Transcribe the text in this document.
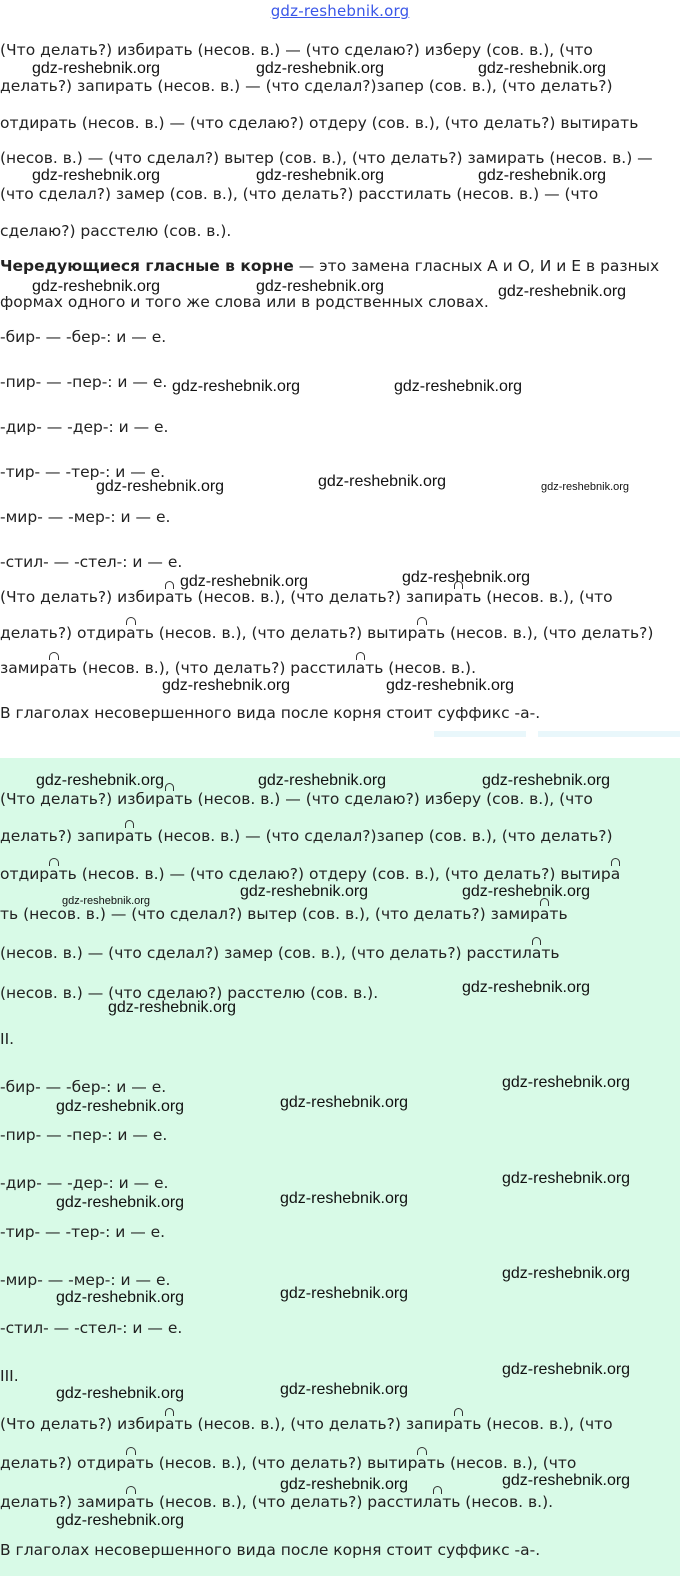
gdz-reshebnik.org
(Что делать?) избирать (несов. в.) — (что сделаю?) изберу (сов. в.), (что
делать?) запирать (несов. в.) — (что сделал?)запер (сов. в.), (что делать?)
отдирать (несов. в.) — (что сделаю?) отдеру (сов. в.), (что делать?) вытирать
(несов. в.) — (что сделал?) вытер (сов. в.), (что делать?) замирать (несов. в.) —
(что сделал?) замер (сов. в.), (что делать?) расстилать (несов. в.) — (что
сделаю?) расстелю (сов. в.).
Чередующиеся гласные в корне — это замена гласных А и О, И и Е в разных
формах одного и того же слова или в родственных словах.
-бир- — -бер-: и — е.
-пир- — -пер-: и — е.
-дир- — -дер-: и — е.
-тир- — -тер-: и — е.
-мир- — -мер-: и — е.
-стил- — -стел-: и — е.
(Что делать?) избирать (несов. в.), (что делать?) запирать (несов. в.), (что
делать?) отдирать (несов. в.), (что делать?) вытирать (несов. в.), (что делать?)
замирать (несов. в.), (что делать?) расстилать (несов. в.).
В глаголах несовершенного вида после корня стоит суффикс -а-.
(Что делать?) избирать (несов. в.) — (что сделаю?) изберу (сов. в.), (что
делать?) запирать (несов. в.) — (что сделал?)запер (сов. в.), (что делать?)
отдирать (несов. в.) — (что сделаю?) отдеру (сов. в.), (что делать?) вытира
ть (несов. в.) — (что сделал?) вытер (сов. в.), (что делать?) замирать
(несов. в.) — (что сделал?) замер (сов. в.), (что делать?) расстилать
(несов. в.) — (что сделаю?) расстелю (сов. в.).
II.
-бир- — -бер-: и — е.
-пир- — -пер-: и — е.
-дир- — -дер-: и — е.
-тир- — -тер-: и — е.
-мир- — -мер-: и — е.
-стил- — -стел-: и — е.
III.
(Что делать?) избирать (несов. в.), (что делать?) запирать (несов. в.), (что
делать?) отдирать (несов. в.), (что делать?) вытирать (несов. в.), (что
делать?) замирать (несов. в.), (что делать?) расстилать (несов. в.).
В глаголах несовершенного вида после корня стоит суффикс -а-.
gdz-reshebnik.org	gdz-reshebnik.org	gdz-reshebnik.org
gdz-reshebnik.org	gdz-reshebnik.org	gdz-reshebnik.org
gdz-reshebnik.org	gdz-reshebnik.org	gdz-reshebnik.org
gdz-reshebnik.org	gdz-reshebnik.org
gdz-reshebnik.org	gdz-reshebnik.org	gdz-reshebnik.org
gdz-reshebnik.org	gdz-reshebnik.org
gdz-reshebnik.org	gdz-reshebnik.org
gdz-reshebnik.org	gdz-reshebnik.org	gdz-reshebnik.org
gdz-reshebnik.org
gdz-reshebnik.org	gdz-reshebnik.org
gdz-reshebnik.org
gdz-reshebnik.org
gdz-reshebnik.org
gdz-reshebnik.org	gdz-reshebnik.org
gdz-reshebnik.org
gdz-reshebnik.org	gdz-reshebnik.org
gdz-reshebnik.org
gdz-reshebnik.org	gdz-reshebnik.org
gdz-reshebnik.org
gdz-reshebnik.org	gdz-reshebnik.org
gdz-reshebnik.org	gdz-reshebnik.org
gdz-reshebnik.org
